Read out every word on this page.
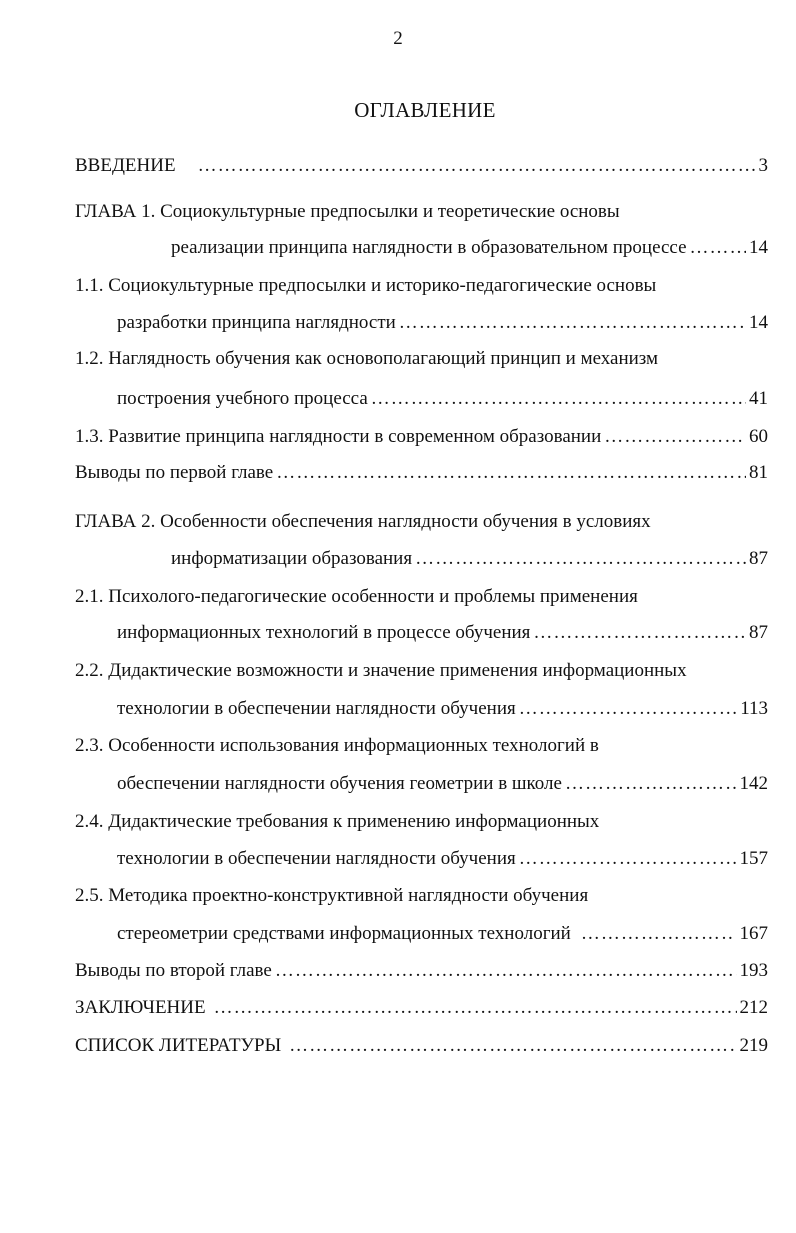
2
ОГЛАВЛЕНИЕ
ВВЕДЕНИЕ …………………………………………………………………………………………………………………………………………………………………………………………………	3
ГЛАВА 1. Социокультурные предпосылки и теоретические основы
реализации принципа наглядности в образовательном процессе …………………………………………………………………………………………………………………………………………………………………………………………………	14
1.1. Социокультурные предпосылки и историко-педагогические основы
разработки принципа наглядности …………………………………………………………………………………………………………………………………………………………………………………………………	14
1.2. Наглядность обучения как основополагающий принцип и механизм
построения учебного процесса …………………………………………………………………………………………………………………………………………………………………………………………………	41
1.3. Развитие принципа наглядности в современном образовании …………………………………………………………………………………………………………………………………………………………………………………………………	60
Выводы по первой главе …………………………………………………………………………………………………………………………………………………………………………………………………	81
ГЛАВА 2. Особенности обеспечения наглядности обучения в условиях
информатизации образования …………………………………………………………………………………………………………………………………………………………………………………………………	87
2.1. Психолого-педагогические особенности и проблемы применения
информационных технологий в процессе обучения …………………………………………………………………………………………………………………………………………………………………………………………………	87
2.2. Дидактические возможности и значение применения информационных
технологии в обеспечении наглядности обучения …………………………………………………………………………………………………………………………………………………………………………………………………	113
2.3. Особенности использования информационных технологий в
обеспечении наглядности обучения геометрии в школе …………………………………………………………………………………………………………………………………………………………………………………………………	142
2.4. Дидактические требования к применению информационных
технологии в обеспечении наглядности обучения …………………………………………………………………………………………………………………………………………………………………………………………………	157
2.5. Методика проектно-конструктивной наглядности обучения
стереометрии средствами информационных технологий …………………………………………………………………………………………………………………………………………………………………………………………………	167
Выводы по второй главе …………………………………………………………………………………………………………………………………………………………………………………………………	193
ЗАКЛЮЧЕНИЕ …………………………………………………………………………………………………………………………………………………………………………………………………	212
СПИСОК ЛИТЕРАТУРЫ …………………………………………………………………………………………………………………………………………………………………………………………………	219
